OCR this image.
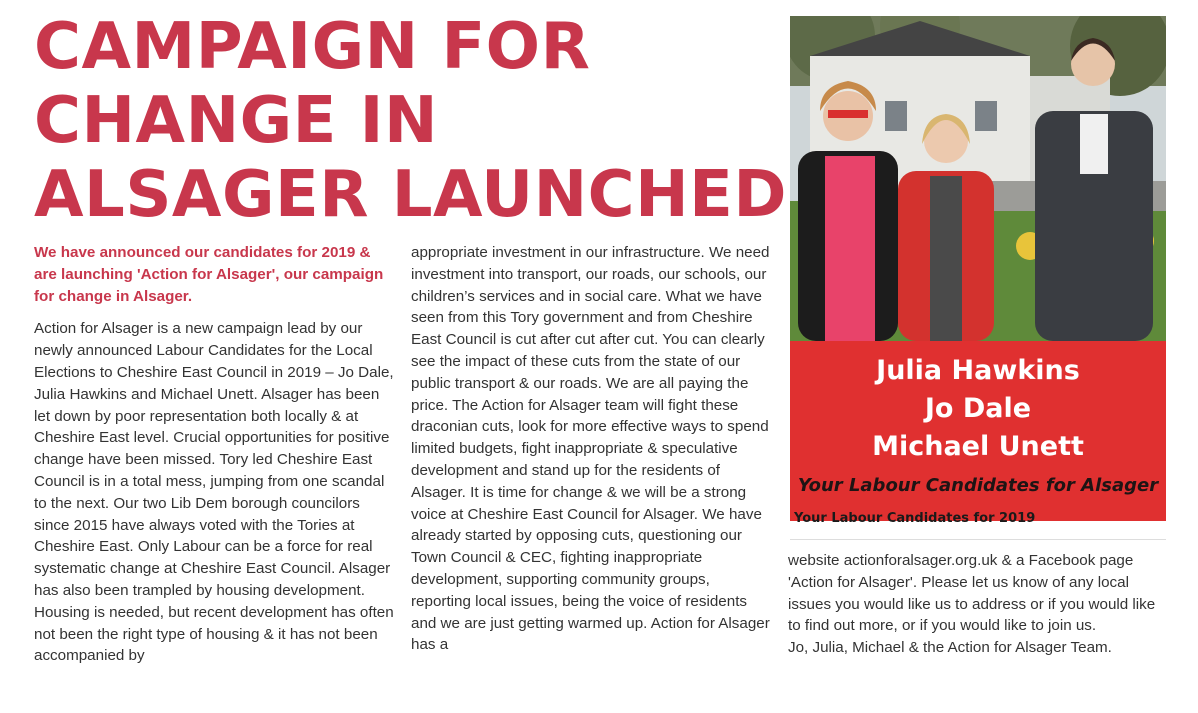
CAMPAIGN FOR
CHANGE IN
ALSAGER LAUNCHED

We have announced our candidates for 2019 & are launching 'Action for Alsager', our campaign for change in Alsager.

Action for Alsager is a new campaign lead by our newly announced Labour Candidates for the Local Elections to Cheshire East Council in 2019 – Jo Dale, Julia Hawkins and Michael Unett. Alsager has been let down by poor representation both locally & at Cheshire East level. Crucial opportunities for positive change have been missed. Tory led Cheshire East Council is in a total mess, jumping from one scandal to the next. Our two Lib Dem borough councilors since 2015 have always voted with the Tories at Cheshire East. Only Labour can be a force for real systematic change at Cheshire East Council. Alsager has also been trampled by housing development. Housing is needed, but recent development has often not been the right type of housing & it has not been accompanied by

appropriate investment in our infrastructure. We need investment into transport, our roads, our schools, our children’s services and in social care. What we have seen from this Tory government and from Cheshire East Council is cut after cut after cut. You can clearly see the impact of these cuts from the state of our public transport & our roads. We are all paying the price. The Action for Alsager team will fight these draconian cuts, look for more effective ways to spend limited budgets, fight inappropriate & speculative development and stand up for the residents of Alsager. It is time for change & we will be a strong voice at Cheshire East Council for Alsager. We have already started by opposing cuts, questioning our Town Council & CEC, fighting inappropriate development, supporting community groups, reporting local issues, being the voice of residents and we are just getting warmed up. Action for Alsager has a

website actionforalsager.org.uk & a Facebook page 'Action for Alsager'. Please let us know of any local issues you would like us to address or if you would like to find out more, or if you would like to join us.

Jo, Julia, Michael & the Action for Alsager Team.

Julia Hawkins
Jo Dale
Michael Unett
Your Labour Candidates for Alsager
Your Labour Candidates for 2019
